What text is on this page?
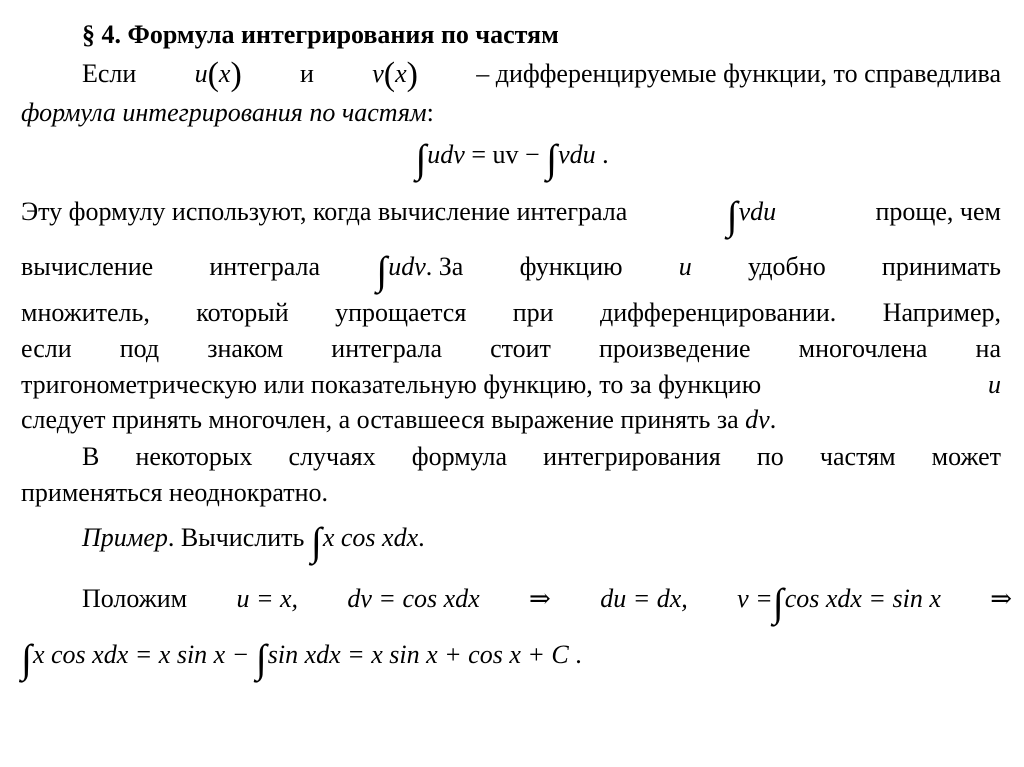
§ 4. Формула интегрирования по частям
Если u(x) и v(x) – дифференцируемые функции, то справедлива
формула интегрирования по частям:
∫udv = uv − ∫vdu .
Эту формулу используют, когда вычисление интеграла ∫vdu	проще, чем
вычисление интеграла ∫udv. За функцию u удобно принимать
множитель, который упрощается при дифференцировании. Например,
если под знаком интеграла стоит произведение многочлена на
тригонометрическую или показательную функцию, то за функцию	u
следует принять многочлен, а оставшееся выражение принять за dv.
В некоторых случаях формула интегрирования по частям может
применяться неоднократно.
Пример. Вычислить ∫x cos xdx.
Положим u = x, dv = cos xdx ⇒ du = dx, v =∫cos xdx = sin x ⇒
∫x cos xdx = x sin x − ∫sin xdx = x sin x + cos x + C .
